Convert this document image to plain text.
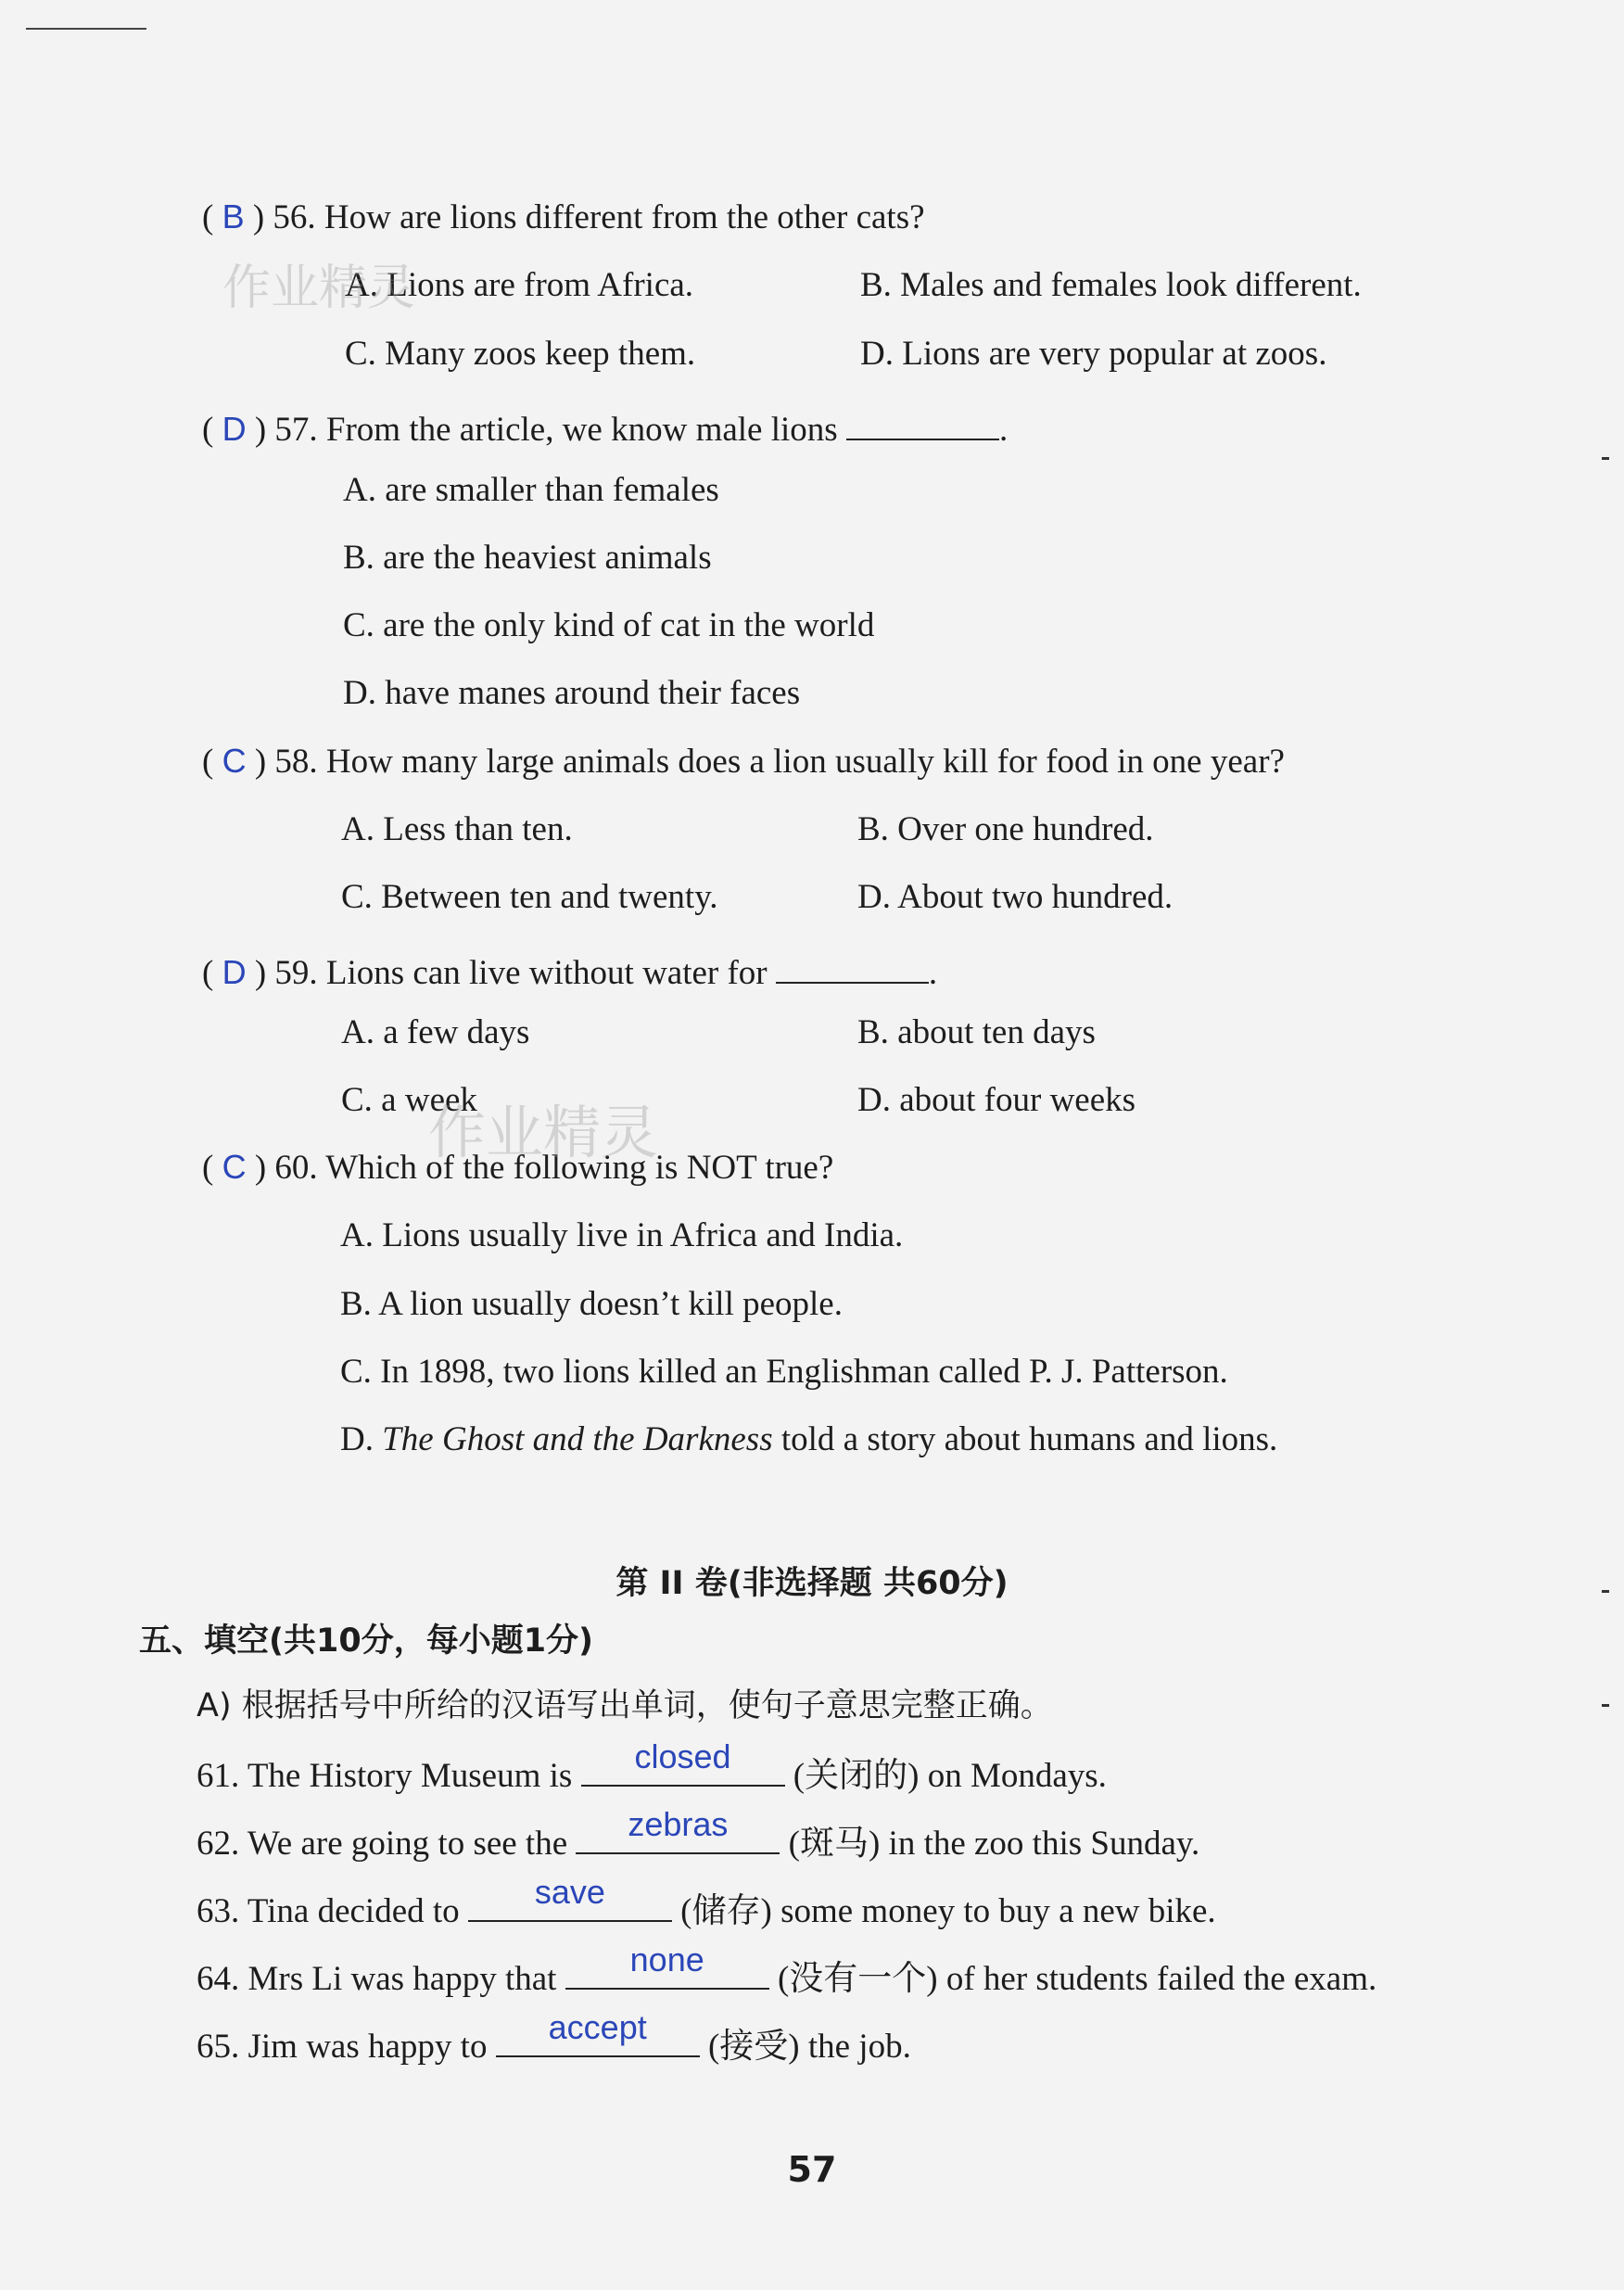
( B ) 56. How are lions different from the other cats?
A. Lions are from Africa.	B. Males and females look different.
C. Many zoos keep them.	D. Lions are very popular at zoos.
( D ) 57. From the article, we know male lions	.
A. are smaller than females
B. are the heaviest animals
C. are the only kind of cat in the world
D. have manes around their faces
( C ) 58. How many large animals does a lion usually kill for food in one year?
A. Less than ten.	B. Over one hundred.
C. Between ten and twenty.	D. About two hundred.
( D ) 59. Lions can live without water for	.
A. a few days	B. about ten days
C. a week	D. about four weeks
( C ) 60. Which of the following is NOT true?
A. Lions usually live in Africa and India.
B. A lion usually doesn’t kill people.
C. In 1898, two lions killed an Englishman called P. J. Patterson.
D. The Ghost and the Darkness told a story about humans and lions.
第 II 卷(非选择题 共60分)
五、填空(共10分，每小题1分)
A) 根据括号中所给的汉语写出单词，使句子意思完整正确。
61. The History Museum is
closed
(关闭的) on Mondays.
62. We are going to see the
zebras
(斑马) in the zoo this Sunday.
63. Tina decided to
save
(储存) some money to buy a new bike.
64. Mrs Li was happy that
none
(没有一个) of her students failed the exam.
65. Jim was happy to
accept
(接受) the job.
57
作业精灵
作业精灵
